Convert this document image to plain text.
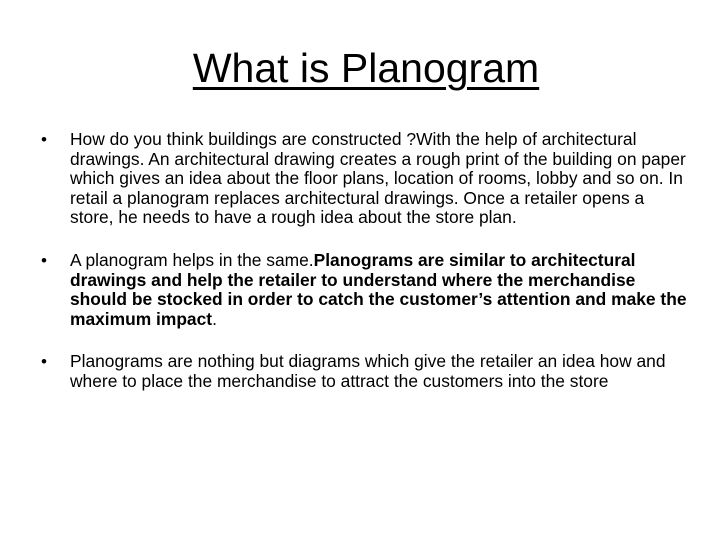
What is Planogram
• How do you think buildings are constructed ?With the help of architectural drawings. An architectural drawing creates a rough print of the building on paper which gives an idea about the floor plans, location of rooms, lobby and so on. In retail a planogram replaces architectural drawings. Once a retailer opens a store, he needs to have a rough idea about the store plan.
• A planogram helps in the same.Planograms are similar to architectural drawings and help the retailer to understand where the merchandise should be stocked in order to catch the customer’s attention and make the maximum impact.
• Planograms are nothing but diagrams which give the retailer an idea how and where to place the merchandise to attract the customers into the store
